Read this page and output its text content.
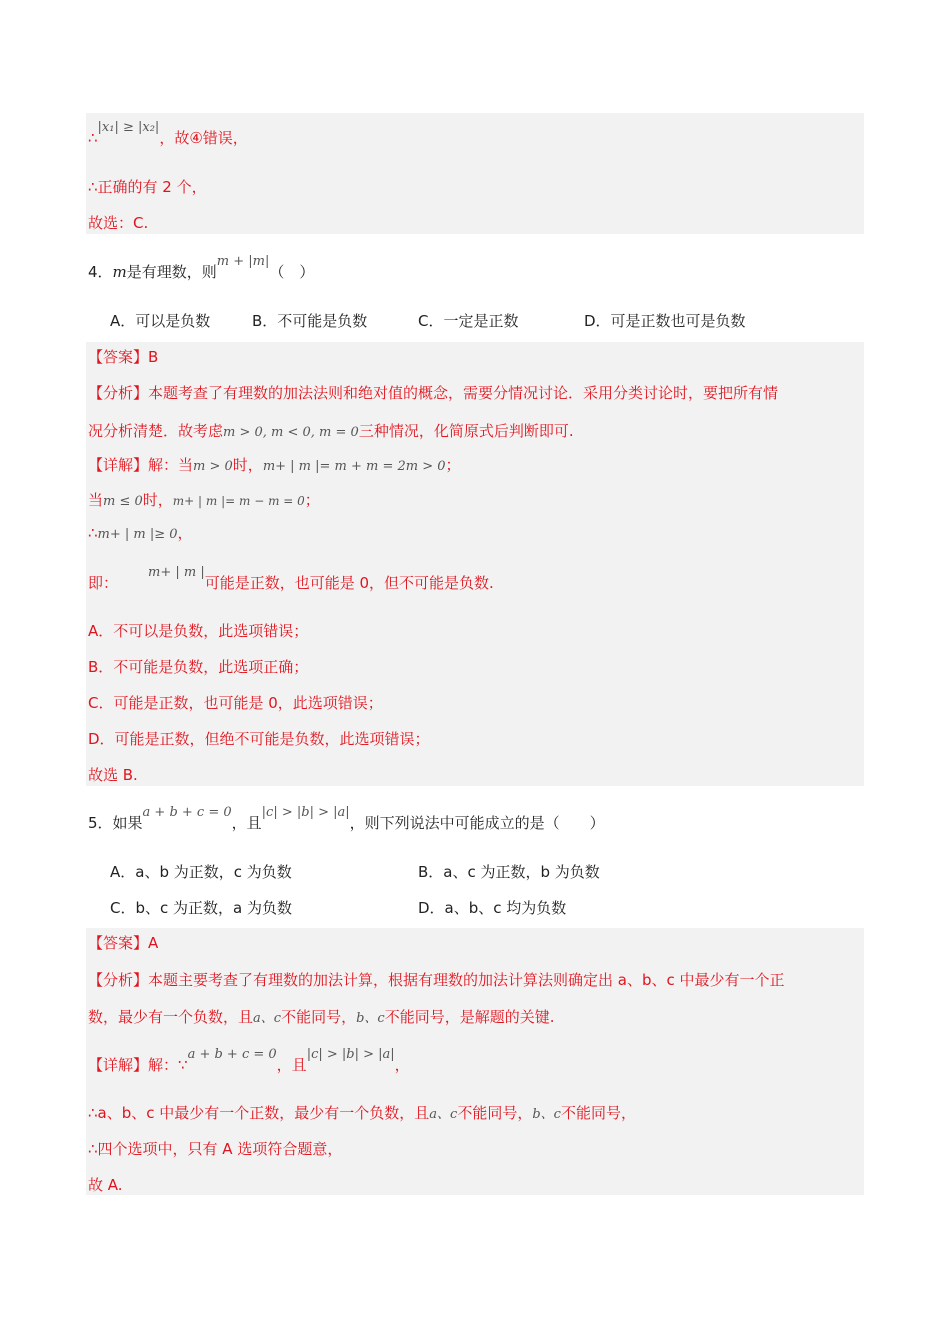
∴|x₁| ≥ |x₂|，故④错误，
∴正确的有 2 个，
故选：C.
4．m是有理数，则m + |m|（　）
A．可以是负数	B．不可能是负数	C．一定是正数	D．可是正数也可是负数
【答案】B
【分析】本题考查了有理数的加法法则和绝对值的概念，需要分情况讨论．采用分类讨论时，要把所有情
况分析清楚．故考虑m > 0, m < 0, m = 0三种情况，化简原式后判断即可.
【详解】解：当m > 0时，m+ | m |= m + m = 2m > 0；
当m ≤ 0时，m+ | m |= m − m = 0；
∴m+ | m |≥ 0，
即：m+ | m |可能是正数，也可能是 0，但不可能是负数.
A．不可以是负数，此选项错误；
B．不可能是负数，此选项正确；
C．可能是正数，也可能是 0，此选项错误；
D．可能是正数，但绝不可能是负数，此选项错误；
故选 B.
5．如果a + b + c = 0，且|c| > |b| > |a|，则下列说法中可能成立的是（　　）
A．a、b 为正数，c 为负数	B．a、c 为正数，b 为负数
C．b、c 为正数，a 为负数	D．a、b、c 均为负数
【答案】A
【分析】本题主要考查了有理数的加法计算，根据有理数的加法计算法则确定出 a、b、c 中最少有一个正
数，最少有一个负数，且a、c不能同号，b、c不能同号，是解题的关键.
【详解】解：∵a + b + c = 0，且|c| > |b| > |a|，
∴a、b、c 中最少有一个正数，最少有一个负数，且a、c不能同号，b、c不能同号，
∴四个选项中，只有 A 选项符合题意，
故 A.
